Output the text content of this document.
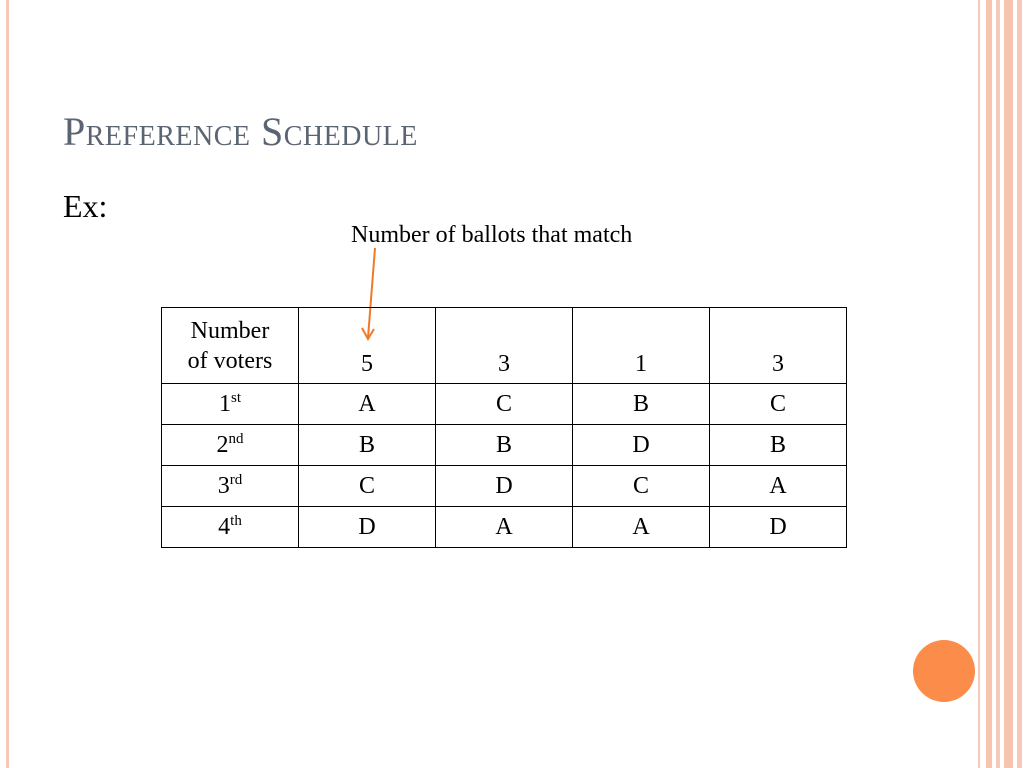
Preference Schedule
Ex:
Number of ballots that match
Number
of voters	5	3	1	3
1st	A	C	B	C
2nd	B	B	D	B
3rd	C	D	C	A
4th	D	A	A	D
